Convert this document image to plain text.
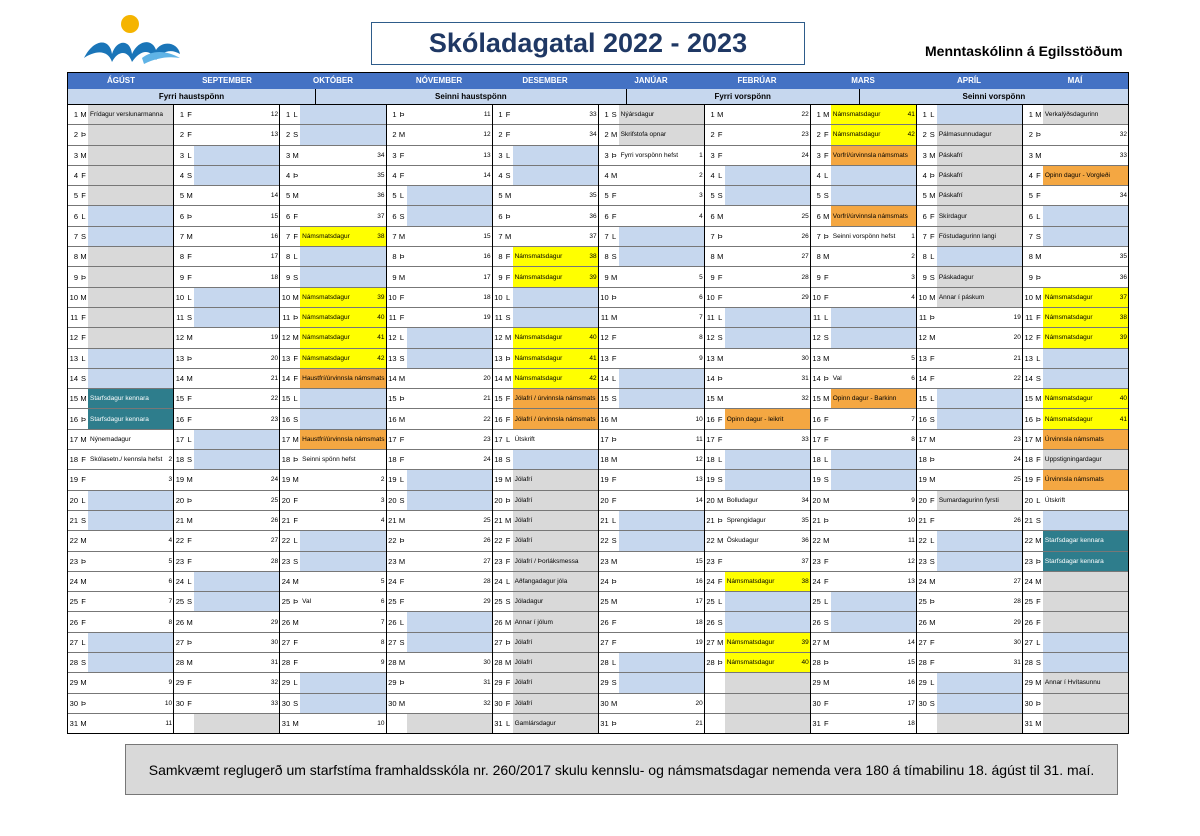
Skóladagatal 2022 - 2023	Menntaskólinn á Egilsstöðum
ÁGÚST	SEPTEMBER	OKTÓBER	NÓVEMBER	DESEMBER	JANÚAR	FEBRÚAR	MARS	APRÍL	MAÍ
Fyrri haustspönn	Seinni haustspönn	Fyrri vorspönn	Seinni vorspönn
1 M Frídagur verslunarmanna
2 Þ
3 M
4 F
5 F
6 L
7 S
8 M
9 Þ
10 M
11 F
12 F
13 L
14 S
15 M Starfsdagur kennara
16 Þ Starfsdagur kennara
17 M Nýnemadagur
18 F Skólasetn./ kennsla hefst 2
19 F	3
20 L
21 S
22 M	4
23 Þ	5
24 M	6
25 F	7
26 F	8
27 L
28 S
29 M	9
30 Þ	10
31 M	11
1 F	12
2 F	13
3 L
4 S
5 M	14
6 Þ	15
7 M	16
8 F	17
9 F	18
10 L
11 S
12 M	19
13 Þ	20
14 M	21
15 F	22
16 F	23
17 L
18 S
19 M	24
20 Þ	25
21 M	26
22 F	27
23 F	28
24 L
25 S
26 M	29
27 Þ	30
28 M	31
29 F	32
30 F	33
1 L
2 S
3 M	34
4 Þ	35
5 M	36
6 F	37
7 F Námsmatsdagur	38
8 L
9 S
10 M Námsmatsdagur	39
11 Þ Námsmatsdagur	40
12 M Námsmatsdagur	41
13 F Námsmatsdagur	42
14 F Haustfrí/úrvinnsla námsmats
15 L
16 S
17 M Haustfrí/úrvinnsla námsmats
18 Þ Seinni spönn hefst
19 M	2
20 F	3
21 F	4
22 L
23 S
24 M	5
25 Þ Val	6
26 M	7
27 F	8
28 F	9
29 L
30 S
31 M	10
1 Þ	11
2 M	12
3 F	13
4 F	14
5 L
6 S
7 M	15
8 Þ	16
9 M	17
10 F	18
11 F	19
12 L
13 S
14 M	20
15 Þ	21
16 M	22
17 F	23
18 F	24
19 L
20 S
21 M	25
22 Þ	26
23 M	27
24 F	28
25 F	29
26 L
27 S
28 M	30
29 Þ	31
30 M	32
1 F	33
2 F	34
3 L
4 S
5 M	35
6 Þ	36
7 M	37
8 F Námsmatsdagur	38
9 F Námsmatsdagur	39
10 L
11 S
12 M Námsmatsdagur	40
13 Þ Námsmatsdagur	41
14 M Námsmatsdagur	42
15 F Jólafrí / úrvinnsla námsmats
16 F Jólafrí / úrvinnsla námsmats
17 L Útskrift
18 S
19 M Jólafrí
20 Þ Jólafrí
21 M Jólafrí
22 F Jólafrí
23 F Jólafrí / Þorláksmessa
24 L Aðfangadagur jóla
25 S Jóladagur
26 M Annar í jólum
27 Þ Jólafrí
28 M Jólafrí
29 F Jólafrí
30 F Jólafrí
31 L Gamlársdagur
1 S Nýársdagur
2 M Skrifstofa opnar
3 Þ Fyrri vorspönn hefst	1
4 M	2
5 F	3
6 F	4
7 L
8 S
9 M	5
10 Þ	6
11 M	7
12 F	8
13 F	9
14 L
15 S
16 M	10
17 Þ	11
18 M	12
19 F	13
20 F	14
21 L
22 S
23 M	15
24 Þ	16
25 M	17
26 F	18
27 F	19
28 L
29 S
30 M	20
31 Þ	21
1 M	22
2 F	23
3 F	24
4 L
5 S
6 M	25
7 Þ	26
8 M	27
9 F	28
10 F	29
11 L
12 S
13 M	30
14 Þ	31
15 M	32
16 F Opinn dagur - leikrit
17 F	33
18 L
19 S
20 M Bolludagur	34
21 Þ Sprengidagur	35
22 M Öskudagur	36
23 F	37
24 F Námsmatsdagur	38
25 L
26 S
27 M Námsmatsdagur	39
28 Þ Námsmatsdagur	40
1 M Námsmatsdagur	41
2 F Námsmatsdagur	42
3 F Vorfrí/úrvinnsla námsmats
4 L
5 S
6 M Vorfrí/úrvinnsla námsmats
7 Þ Seinni vorspönn hefst 1
8 M	2
9 F	3
10 F	4
11 L
12 S
13 M	5
14 Þ Val	6
15 M Opinn dagur - Barkinn
16 F	7
17 F	8
18 L
19 S
20 M	9
21 Þ	10
22 M	11
23 F	12
24 F	13
25 L
26 S
27 M	14
28 Þ	15
29 M	16
30 F	17
31 F	18
1 L
2 S Pálmasunnudagur
3 M Páskafrí
4 Þ Páskafrí
5 M Páskafrí
6 F Skírdagur
7 F Föstudagurinn langi
8 L
9 S Páskadagur
10 M Annar í páskum
11 Þ	19
12 M	20
13 F	21
14 F	22
15 L
16 S
17 M	23
18 Þ	24
19 M	25
20 F Sumardagurinn fyrsti
21 F	26
22 L
23 S
24 M	27
25 Þ	28
26 M	29
27 F	30
28 F	31
29 L
30 S
1 M Verkalýðsdagurinn
2 Þ	32
3 M	33
4 F Opinn dagur - Vorgleði
5 F	34
6 L
7 S
8 M	35
9 Þ	36
10 M Námsmatsdagur	37
11 F Námsmatsdagur	38
12 F Námsmatsdagur	39
13 L
14 S
15 M Námsmatsdagur	40
16 Þ Námsmatsdagur	41
17 M Úrvinnsla námsmats
18 F Uppstigningardagur
19 F Úrvinnsla námsmats
20 L Útskrift
21 S
22 M Starfsdagar kennara
23 Þ Starfsdagar kennara
24 M
25 F
26 F
27 L
28 S
29 M Annar í Hvítasunnu
30 Þ
31 M
Samkvæmt reglugerð um starfstíma framhaldsskóla nr. 260/2017 skulu kennslu- og námsmatsdagar nemenda vera 180 á tímabilinu 18. ágúst til 31. maí.
